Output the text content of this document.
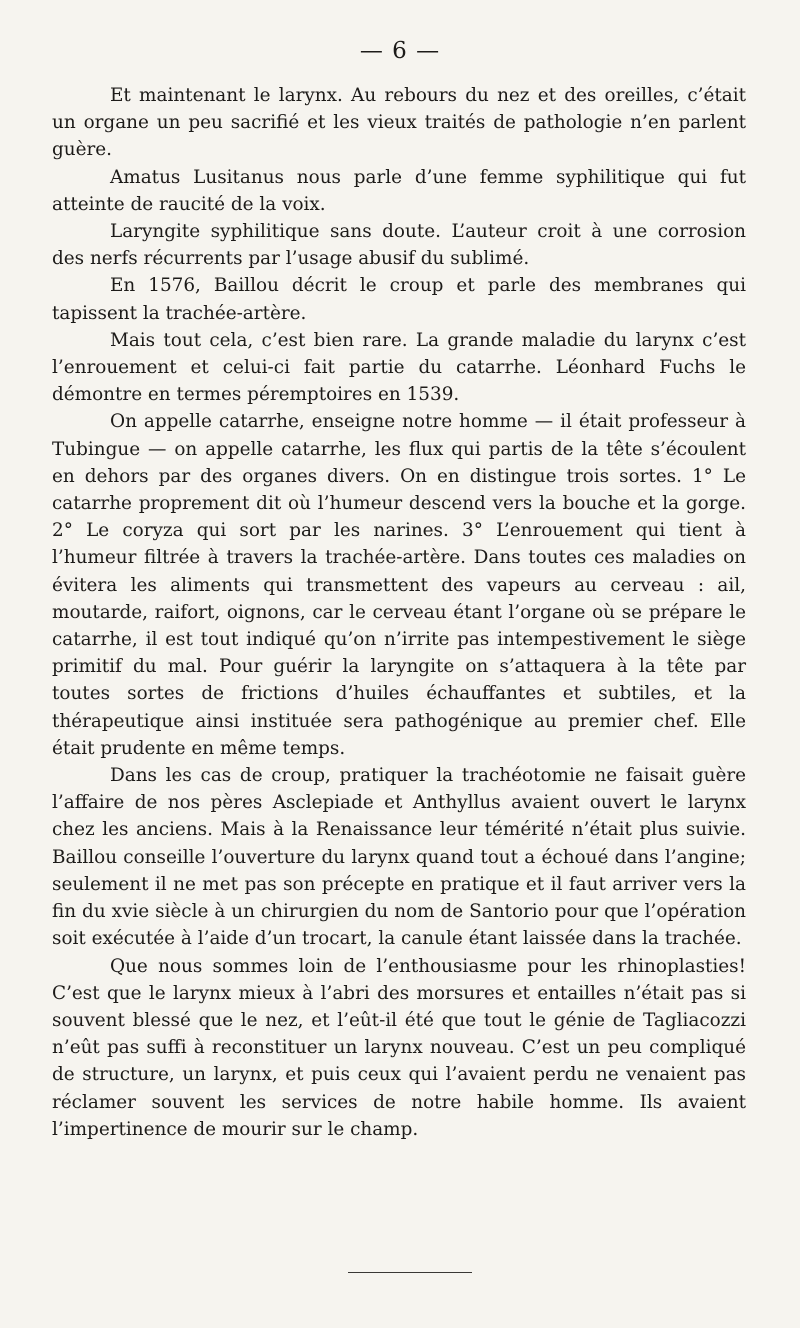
— 6 —

Et maintenant le larynx. Au rebours du nez et des oreilles, c’était un organe un peu sacrifié et les vieux traités de pathologie n’en parlent guère.

Amatus Lusitanus nous parle d’une femme syphilitique qui fut atteinte de raucité de la voix.

Laryngite syphilitique sans doute. L’auteur croit à une corrosion des nerfs récurrents par l’usage abusif du sublimé.

En 1576, Baillou décrit le croup et parle des membranes qui tapissent la trachée-artère.

Mais tout cela, c’est bien rare. La grande maladie du larynx c’est l’enrouement et celui-ci fait partie du catarrhe. Léonhard Fuchs le démontre en termes péremptoires en 1539.

On appelle catarrhe, enseigne notre homme — il était professeur à Tubingue — on appelle catarrhe, les flux qui partis de la tête s’écoulent en dehors par des organes divers. On en distingue trois sortes. 1° Le catarrhe proprement dit où l’humeur descend vers la bouche et la gorge. 2° Le coryza qui sort par les narines. 3° L’enrouement qui tient à l’humeur filtrée à travers la trachée-artère. Dans toutes ces maladies on évitera les aliments qui transmettent des vapeurs au cerveau : ail, moutarde, raifort, oignons, car le cerveau étant l’organe où se prépare le catarrhe, il est tout indiqué qu’on n’irrite pas intempestivement le siège primitif du mal. Pour guérir la laryngite on s’attaquera à la tête par toutes sortes de frictions d’huiles échauffantes et subtiles, et la thérapeutique ainsi instituée sera pathogénique au premier chef. Elle était prudente en même temps.

Dans les cas de croup, pratiquer la trachéotomie ne faisait guère l’affaire de nos pères Asclepiade et Anthyllus avaient ouvert le larynx chez les anciens. Mais à la Renaissance leur témérité n’était plus suivie. Baillou conseille l’ouverture du larynx quand tout a échoué dans l’angine; seulement il ne met pas son précepte en pratique et il faut arriver vers la fin du xvie siècle à un chirurgien du nom de Santorio pour que l’opération soit exécutée à l’aide d’un trocart, la canule étant laissée dans la trachée.

Que nous sommes loin de l’enthousiasme pour les rhinoplasties! C’est que le larynx mieux à l’abri des morsures et entailles n’était pas si souvent blessé que le nez, et l’eût-il été que tout le génie de Tagliacozzi n’eût pas suffi à reconstituer un larynx nouveau. C’est un peu compliqué de structure, un larynx, et puis ceux qui l’avaient perdu ne venaient pas réclamer souvent les services de notre habile homme. Ils avaient l’impertinence de mourir sur le champ.
